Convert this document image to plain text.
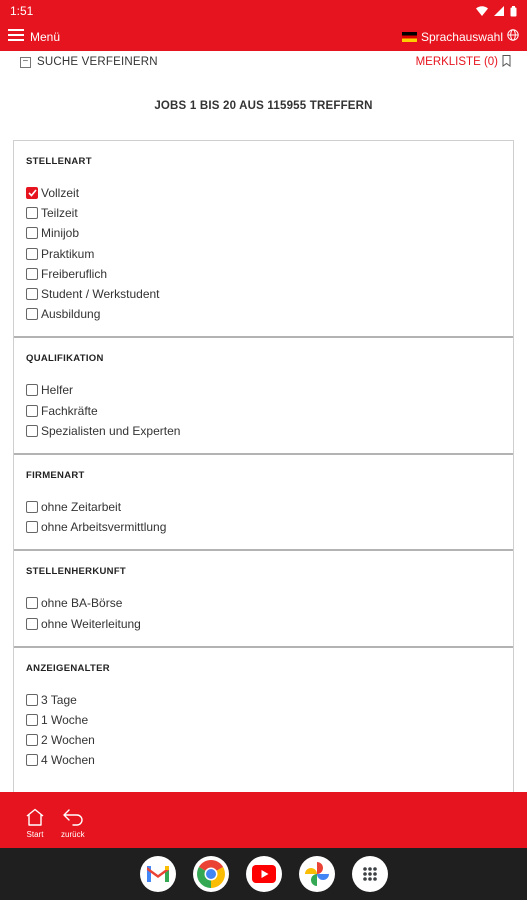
1:51
Menü	Sprachauswahl
− SUCHE VERFEINERN	MERKLISTE (0)
JOBS 1 BIS 20 AUS 115955 TREFFERN
STELLENART
Vollzeit
Teilzeit
Minijob
Praktikum
Freiberuflich
Student / Werkstudent
Ausbildung
QUALIFIKATION
Helfer
Fachkräfte
Spezialisten und Experten
FIRMENART
ohne Zeitarbeit
ohne Arbeitsvermittlung
STELLENHERKUNFT
ohne BA-Börse
ohne Weiterleitung
ANZEIGENALTER
3 Tage
1 Woche
2 Wochen
4 Wochen
Start zurück
